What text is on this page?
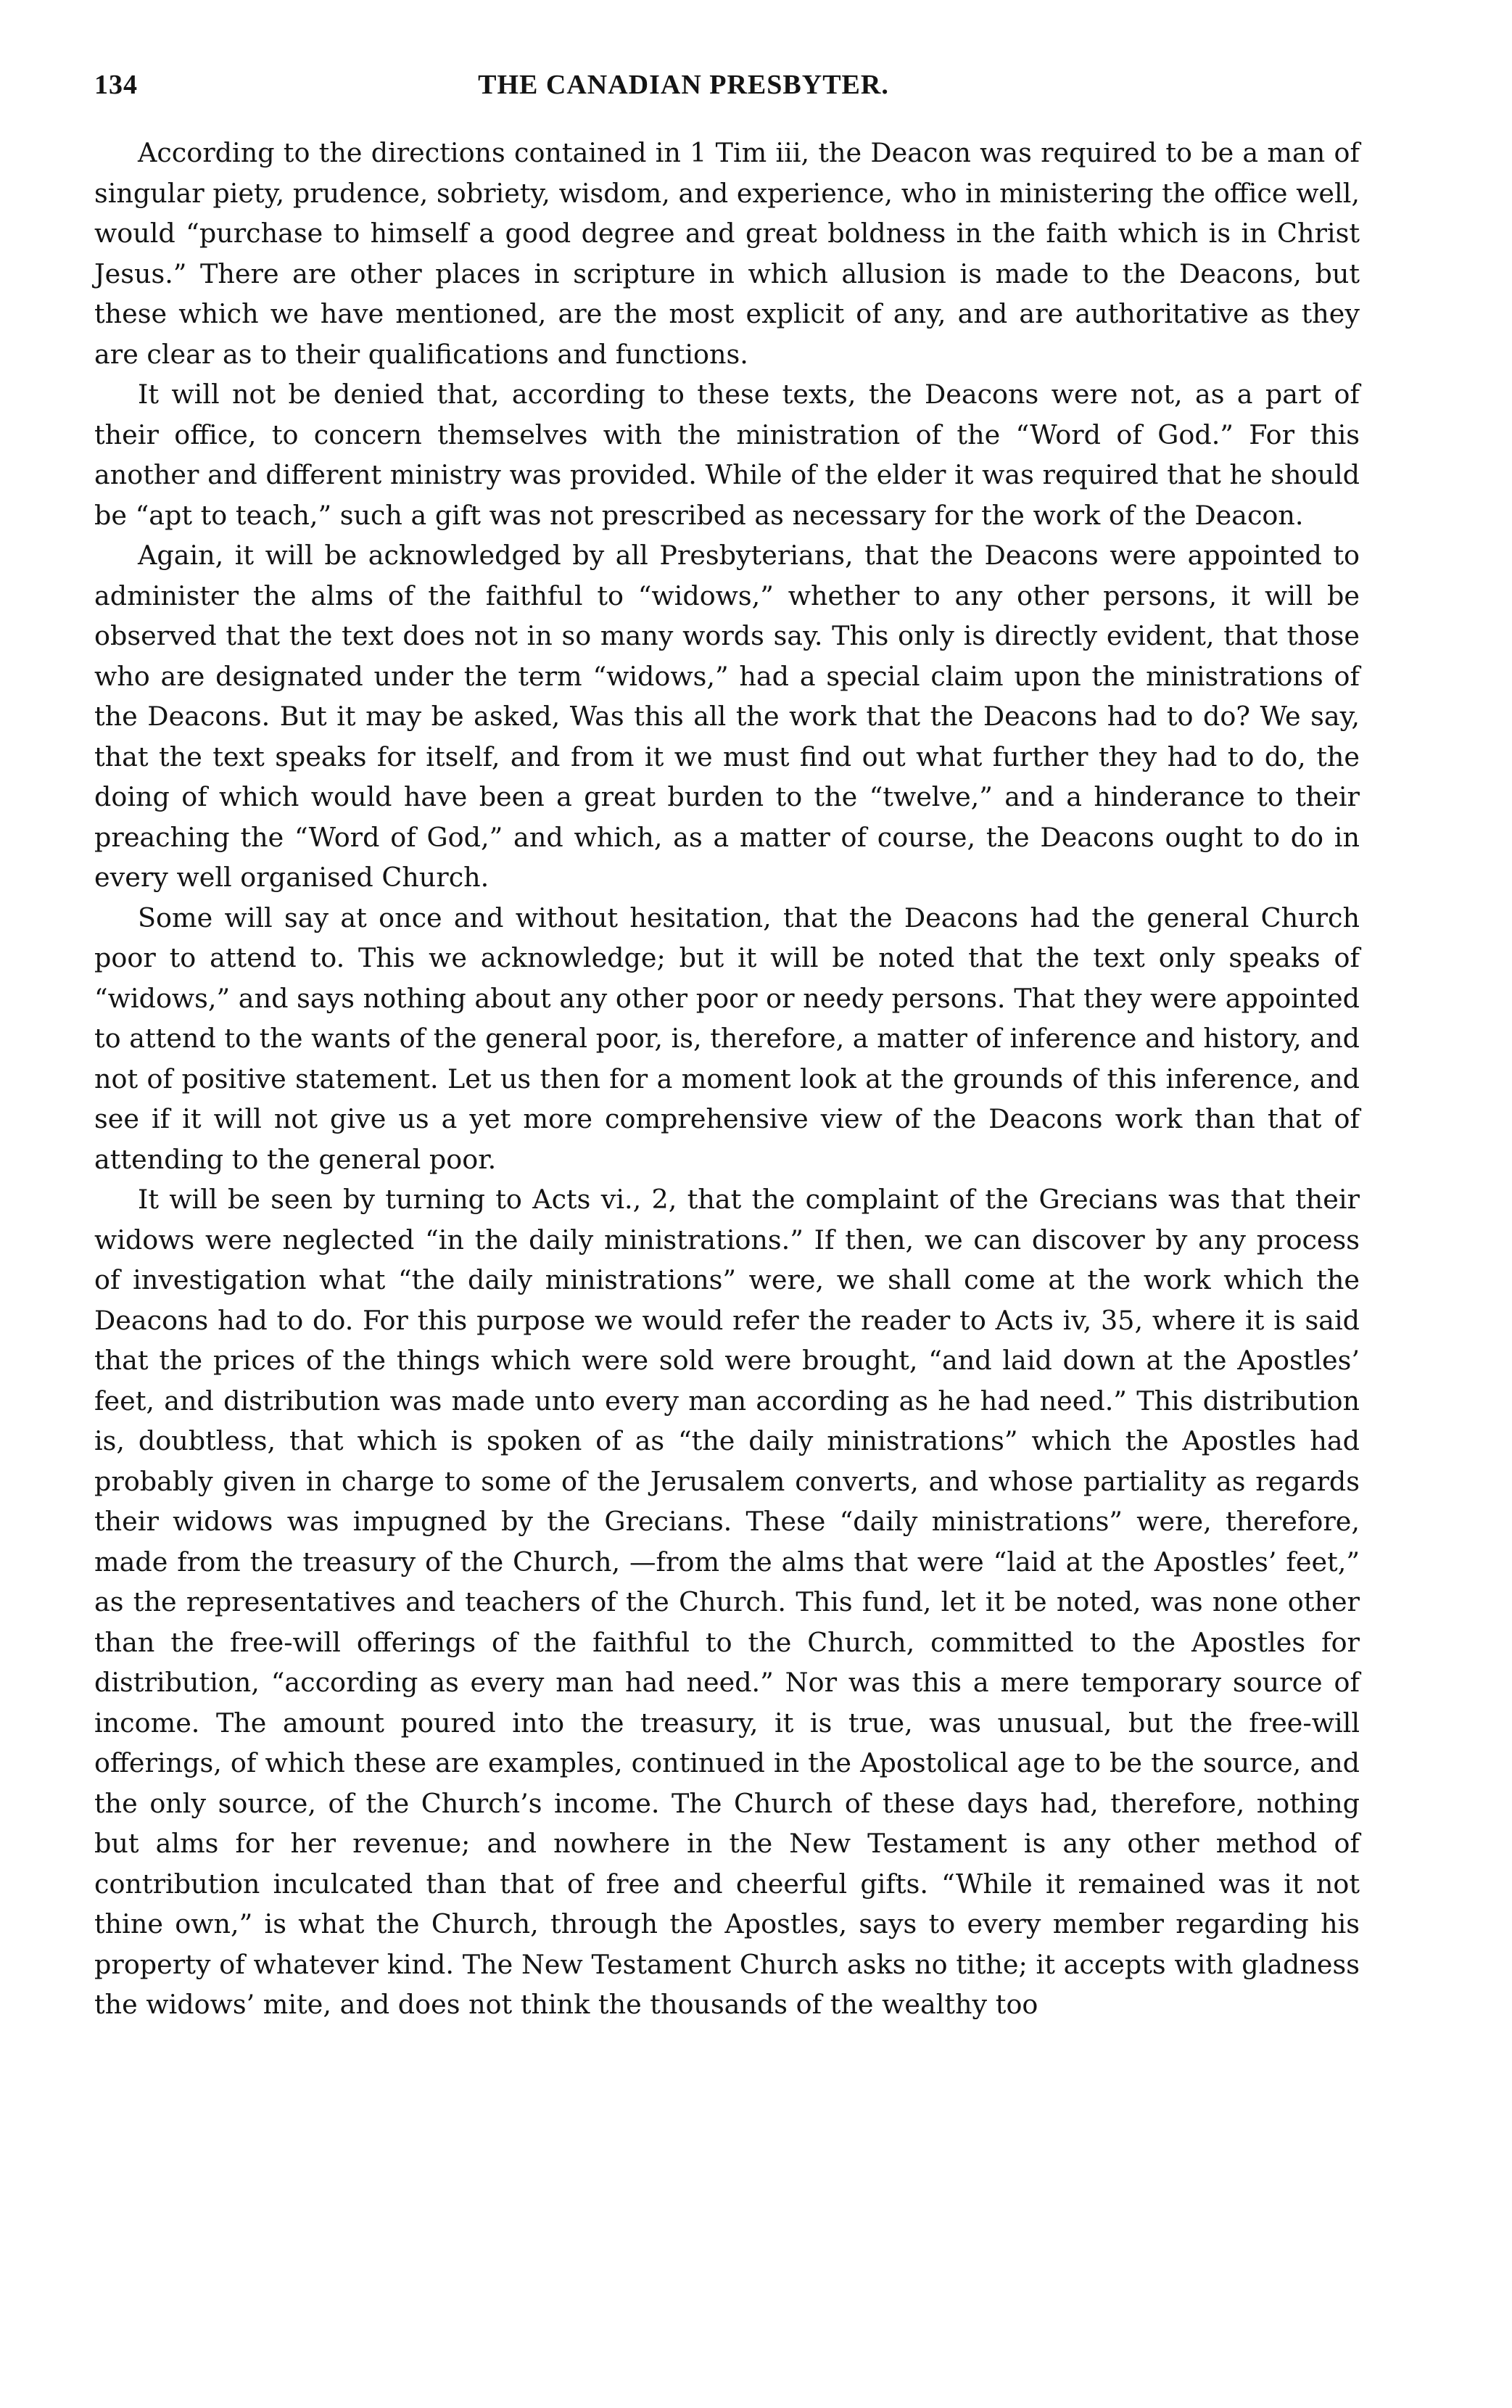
134	THE CANADIAN PRESBYTER.

According to the directions contained in 1 Tim iii, the Deacon was required to be a man of singular piety, prudence, sobriety, wisdom, and experience, who in ministering the office well, would “purchase to himself a good degree and great boldness in the faith which is in Christ Jesus.” There are other places in scripture in which allusion is made to the Deacons, but these which we have mentioned, are the most explicit of any, and are authoritative as they are clear as to their qualifications and functions.

It will not be denied that, according to these texts, the Deacons were not, as a part of their office, to concern themselves with the ministration of the “Word of God.” For this another and different ministry was provided. While of the elder it was required that he should be “apt to teach,” such a gift was not prescribed as necessary for the work of the Deacon.

Again, it will be acknowledged by all Presbyterians, that the Deacons were appointed to administer the alms of the faithful to “widows,” whether to any other persons, it will be observed that the text does not in so many words say. This only is directly evident, that those who are designated under the term “widows,” had a special claim upon the ministrations of the Deacons. But it may be asked, Was this all the work that the Deacons had to do? We say, that the text speaks for itself, and from it we must find out what further they had to do, the doing of which would have been a great burden to the “twelve,” and a hinderance to their preaching the “Word of God,” and which, as a matter of course, the Deacons ought to do in every well organised Church.

Some will say at once and without hesitation, that the Deacons had the general Church poor to attend to. This we acknowledge; but it will be noted that the text only speaks of “widows,” and says nothing about any other poor or needy persons. That they were appointed to attend to the wants of the general poor, is, therefore, a matter of inference and history, and not of positive statement. Let us then for a moment look at the grounds of this inference, and see if it will not give us a yet more comprehensive view of the Deacons work than that of attending to the general poor.

It will be seen by turning to Acts vi., 2, that the complaint of the Grecians was that their widows were neglected “in the daily ministrations.” If then, we can discover by any process of investigation what “the daily ministrations” were, we shall come at the work which the Deacons had to do. For this purpose we would refer the reader to Acts iv, 35, where it is said that the prices of the things which were sold were brought, “and laid down at the Apostles’ feet, and distribution was made unto every man according as he had need.” This distribution is, doubtless, that which is spoken of as “the daily ministrations” which the Apostles had probably given in charge to some of the Jerusalem converts, and whose partiality as regards their widows was impugned by the Grecians. These “daily ministrations” were, therefore, made from the treasury of the Church, —from the alms that were “laid at the Apostles’ feet,” as the representatives and teachers of the Church. This fund, let it be noted, was none other than the free-will offerings of the faithful to the Church, committed to the Apostles for distribution, “according as every man had need.” Nor was this a mere temporary source of income. The amount poured into the treasury, it is true, was unusual, but the free-will offerings, of which these are examples, continued in the Apostolical age to be the source, and the only source, of the Church’s income. The Church of these days had, therefore, nothing but alms for her revenue; and nowhere in the New Testament is any other method of contribution inculcated than that of free and cheerful gifts. “While it remained was it not thine own,” is what the Church, through the Apostles, says to every member regarding his property of whatever kind. The New Testament Church asks no tithe; it accepts with gladness the widows’ mite, and does not think the thousands of the wealthy too
